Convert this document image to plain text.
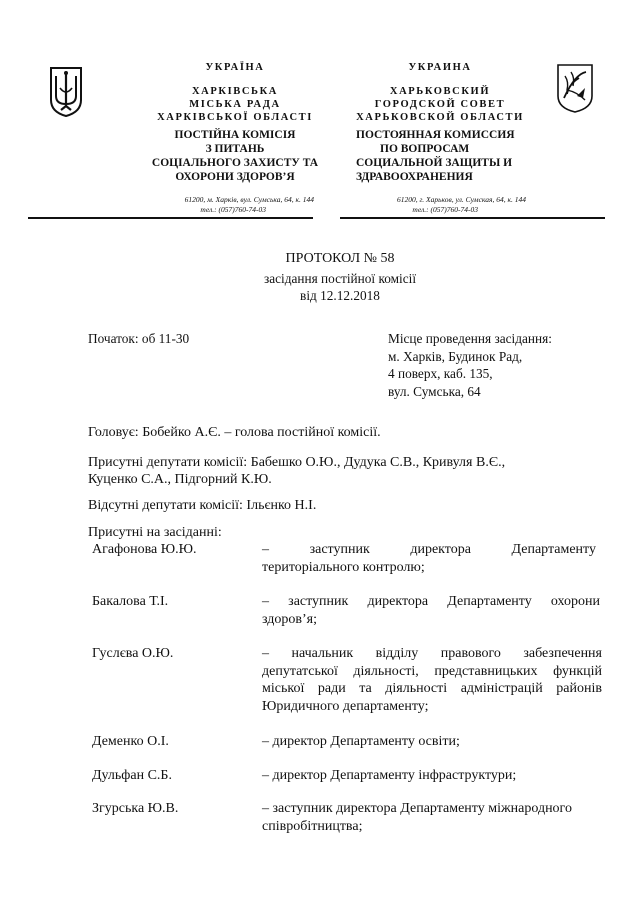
УКРАЇНА
ХАРКІВСЬКА
МІСЬКА РАДА
ХАРКІВСЬКОЇ ОБЛАСТІ
ПОСТІЙНА КОМІСІЯ
З ПИТАНЬ
СОЦІАЛЬНОГО ЗАХИСТУ ТА
ОХОРОНИ ЗДОРОВ’Я
61200, м. Харків, вул. Сумська, 64, к. 144
тел.: (057)760-74-03
УКРАИНА
ХАРЬКОВСКИЙ
ГОРОДСКОЙ СОВЕТ
ХАРЬКОВСКОЙ ОБЛАСТИ
ПОСТОЯННАЯ КОМИССИЯ
ПО ВОПРОСАМ
СОЦИАЛЬНОЙ ЗАЩИТЫ И
ЗДРАВООХРАНЕНИЯ
61200, г. Харьков, ул. Сумская, 64, к. 144
тел.: (057)760-74-03
ПРОТОКОЛ № 58
засідання постійної комісії
від 12.12.2018
Початок: об 11-30	Місце проведення засідання:
м. Харків, Будинок Рад,
4 поверх, каб. 135,
вул. Сумська, 64
Головує: Бобейко А.Є. – голова постійної комісії.
Присутні депутати комісії: Бабешко О.Ю., Дудука С.В., Кривуля В.Є.,
Куценко С.А., Підгорний К.Ю.
Відсутні депутати комісії: Ільєнко Н.І.
Присутні на засіданні:
Агафонова Ю.Ю.	– заступник директора Департаменту
територіального контролю;
Бакалова Т.І.	– заступник директора Департаменту охорони
здоров’я;
Гуслєва О.Ю.	– начальник відділу правового забезпечення
депутатської діяльності, представницьких функцій
міської ради та діяльності адміністрацій районів
Юридичного департаменту;
Деменко О.І.	– директор Департаменту освіти;
Дульфан С.Б.	– директор Департаменту інфраструктури;
Згурська Ю.В.	– заступник директора Департаменту міжнародного
співробітництва;
